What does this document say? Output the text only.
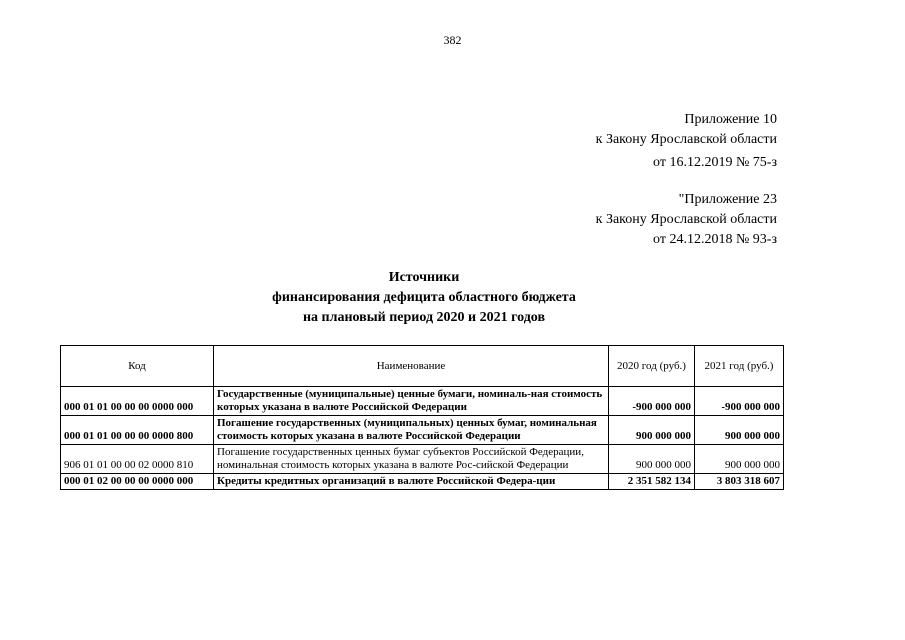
382
Приложение 10
к Закону Ярославской области
от 16.12.2019 № 75-з
"Приложение 23
к Закону Ярославской области
от 24.12.2018 № 93-з
Источники
финансирования дефицита областного бюджета
на плановый период 2020 и 2021 годов
Код	Наименование	2020 год (руб.)	2021 год (руб.)
000 01 01 00 00 00 0000 000	Государственные (муниципальные) ценные бумаги, номиналь-ная стоимость которых указана в валюте Российской Федерации	-900 000 000	-900 000 000
000 01 01 00 00 00 0000 800	Погашение государственных (муниципальных) ценных бумаг, номинальная стоимость которых указана в валюте Российской Федерации	900 000 000	900 000 000
906 01 01 00 00 02 0000 810	Погашение государственных ценных бумаг субъектов Российской Федерации, номинальная стоимость которых указана в валюте Рос-сийской Федерации	900 000 000	900 000 000
000 01 02 00 00 00 0000 000	Кредиты кредитных организаций в валюте Российской Федера-ции	2 351 582 134	3 803 318 607
